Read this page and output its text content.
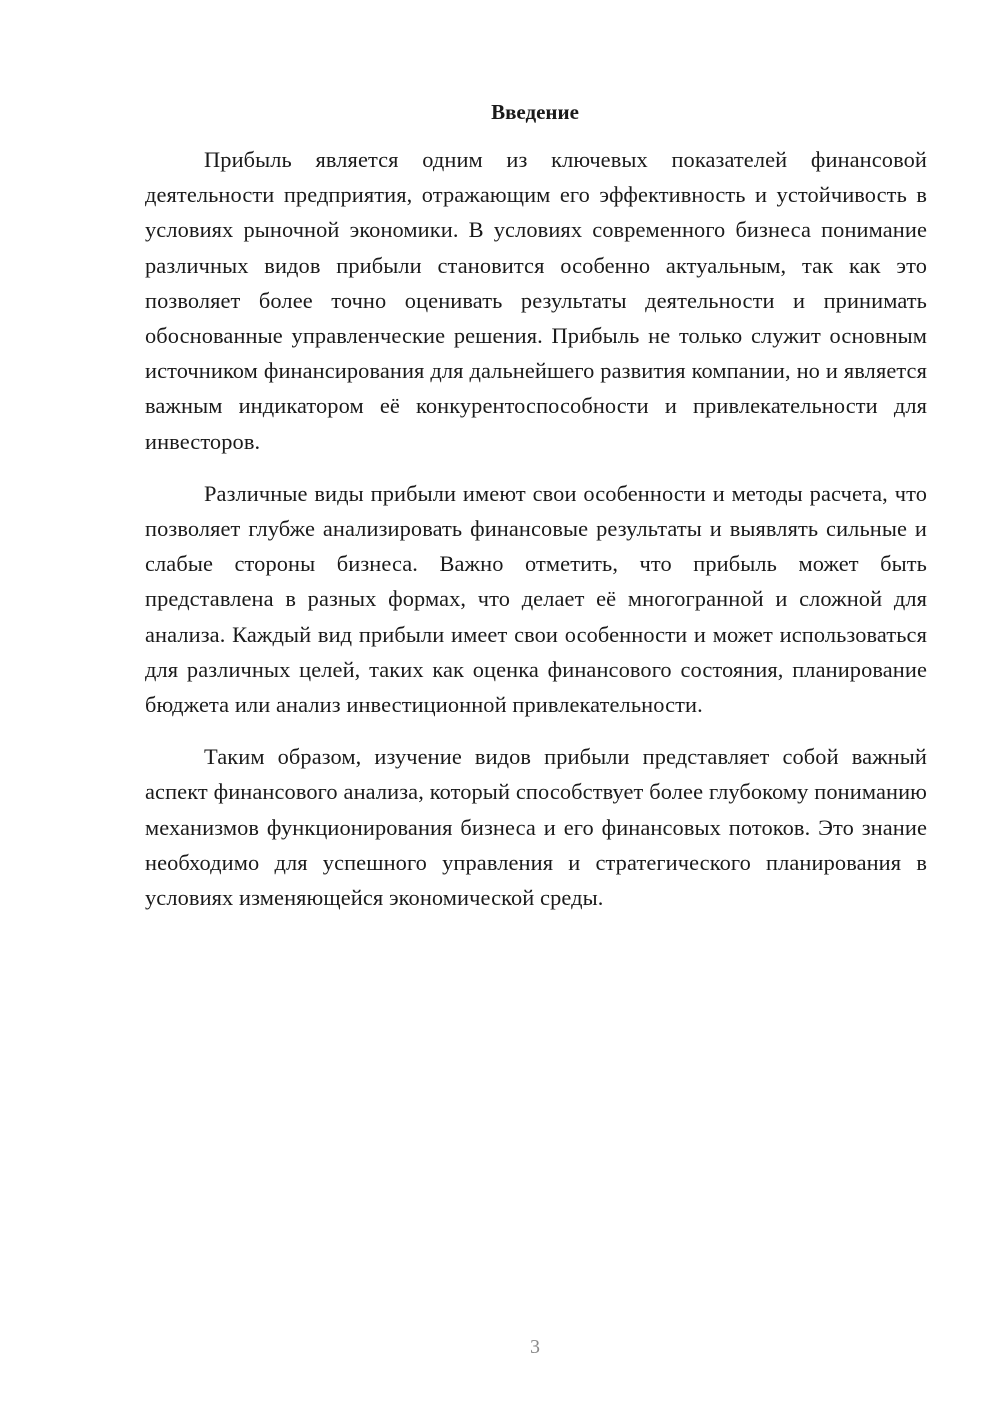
Введение

Прибыль является одним из ключевых показателей финансовой деятельности предприятия, отражающим его эффективность и устойчивость в условиях рыночной экономики. В условиях современного бизнеса понимание различных видов прибыли становится особенно актуальным, так как это позволяет более точно оценивать результаты деятельности и принимать обоснованные управленческие решения. Прибыль не только служит основным источником финансирования для дальнейшего развития компании, но и является важным индикатором её конкурентоспособности и привлекательности для инвесторов.

Различные виды прибыли имеют свои особенности и методы расчета, что позволяет глубже анализировать финансовые результаты и выявлять сильные и слабые стороны бизнеса. Важно отметить, что прибыль может быть представлена в разных формах, что делает её многогранной и сложной для анализа. Каждый вид прибыли имеет свои особенности и может использоваться для различных целей, таких как оценка финансового состояния, планирование бюджета или анализ инвестиционной привлекательности.

Таким образом, изучение видов прибыли представляет собой важный аспект финансового анализа, который способствует более глубокому пониманию механизмов функционирования бизнеса и его финансовых потоков. Это знание необходимо для успешного управления и стратегического планирования в условиях изменяющейся экономической среды.

3
